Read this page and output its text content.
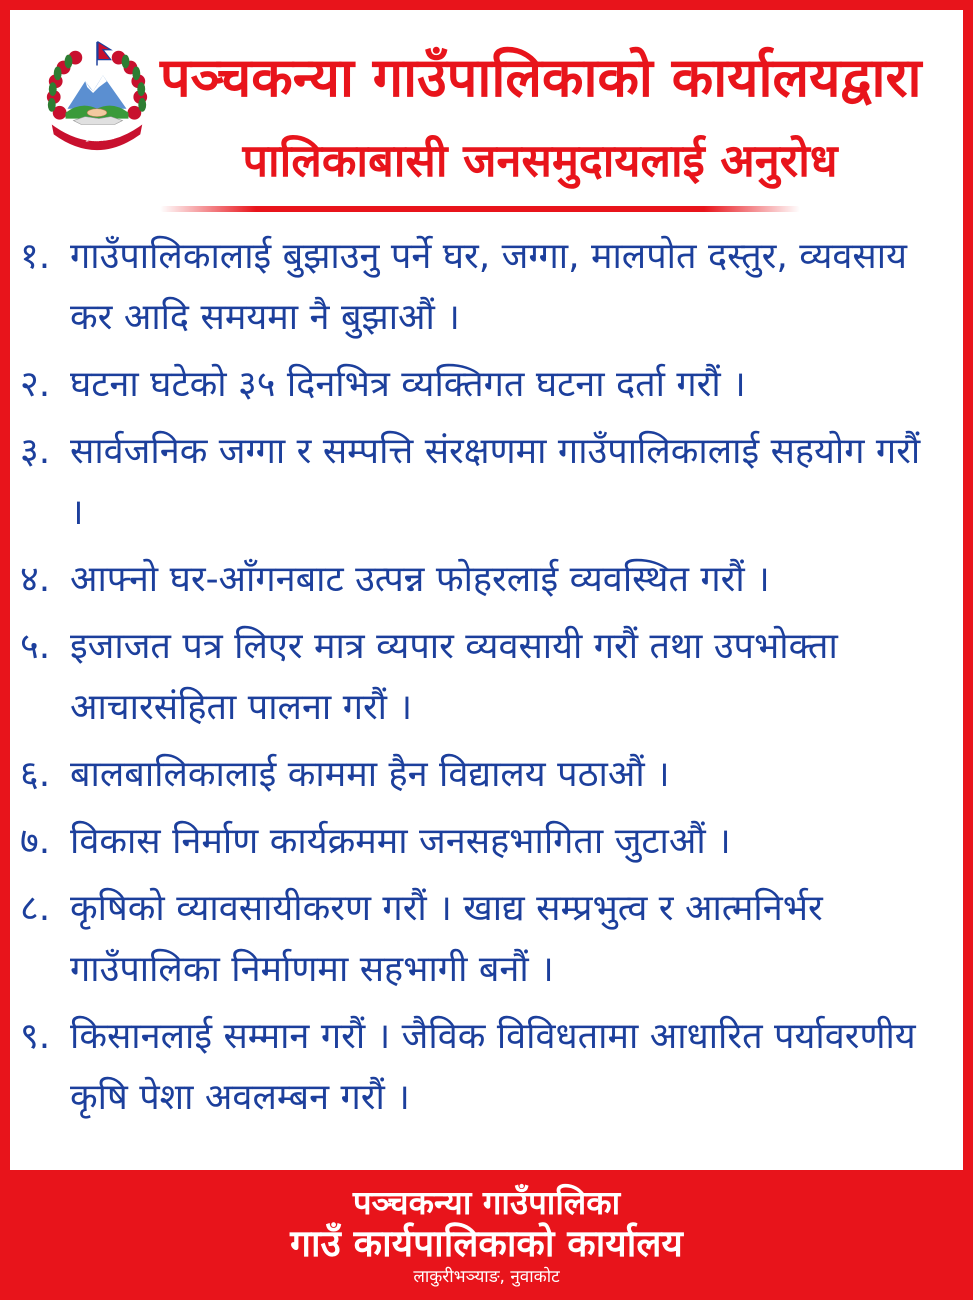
जननी जन्मभूमिश्च स्वर्गादपि गरीयसी
पञ्चकन्या गाउँपालिकाको कार्यालयद्वारा
पालिकाबासी जनसमुदायलाई अनुरोध
१. गाउँपालिकालाई बुझाउनु पर्ने घर, जग्गा, मालपोत दस्तुर, व्यवसाय कर आदि समयमा नै बुझाऔं ।
२. घटना घटेको ३५ दिनभित्र व्यक्तिगत घटना दर्ता गरौं ।
३. सार्वजनिक जग्गा र सम्पत्ति संरक्षणमा गाउँपालिकालाई सहयोग गरौं ।
४. आफ्नो घर-आँगनबाट उत्पन्न फोहरलाई व्यवस्थित गरौं ।
५. इजाजत पत्र लिएर मात्र व्यपार व्यवसायी गरौं तथा उपभोक्ता आचारसंहिता पालना गरौं ।
६. बालबालिकालाई काममा हैन विद्यालय पठाऔं ।
७. विकास निर्माण कार्यक्रममा जनसहभागिता जुटाऔं ।
८. कृषिको व्यावसायीकरण गरौं । खाद्य सम्प्रभुत्व र आत्मनिर्भर गाउँपालिका निर्माणमा सहभागी बनौं ।
९. किसानलाई सम्मान गरौं । जैविक विविधतामा आधारित पर्यावरणीय कृषि पेशा अवलम्बन गरौं ।
पञ्चकन्या गाउँपालिका
गाउँ कार्यपालिकाको कार्यालय
लाकुरीभञ्याङ, नुवाकोट
